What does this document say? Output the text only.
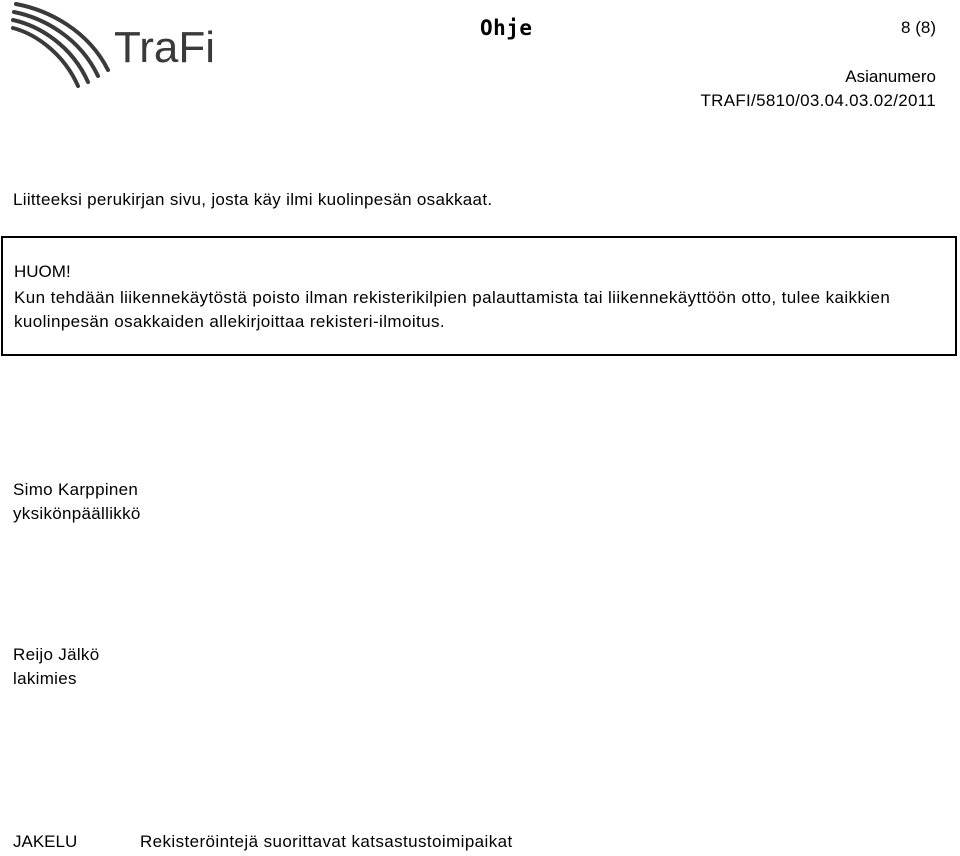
TraFi	Ohje	8 (8)
Asianumero
TRAFI/5810/03.04.03.02/2011
Liitteeksi perukirjan sivu, josta käy ilmi kuolinpesän osakkaat.
HUOM!
Kun tehdään liikennekäytöstä poisto ilman rekisterikilpien palauttamista tai liikennekäyttöön otto, tulee kaikkien kuolinpesän osakkaiden allekirjoittaa rekisteri-ilmoitus.
Simo Karppinen
yksikönpäällikkö
Reijo Jälkö
lakimies
JAKELU	Rekisteröintejä suorittavat katsastustoimipaikat
